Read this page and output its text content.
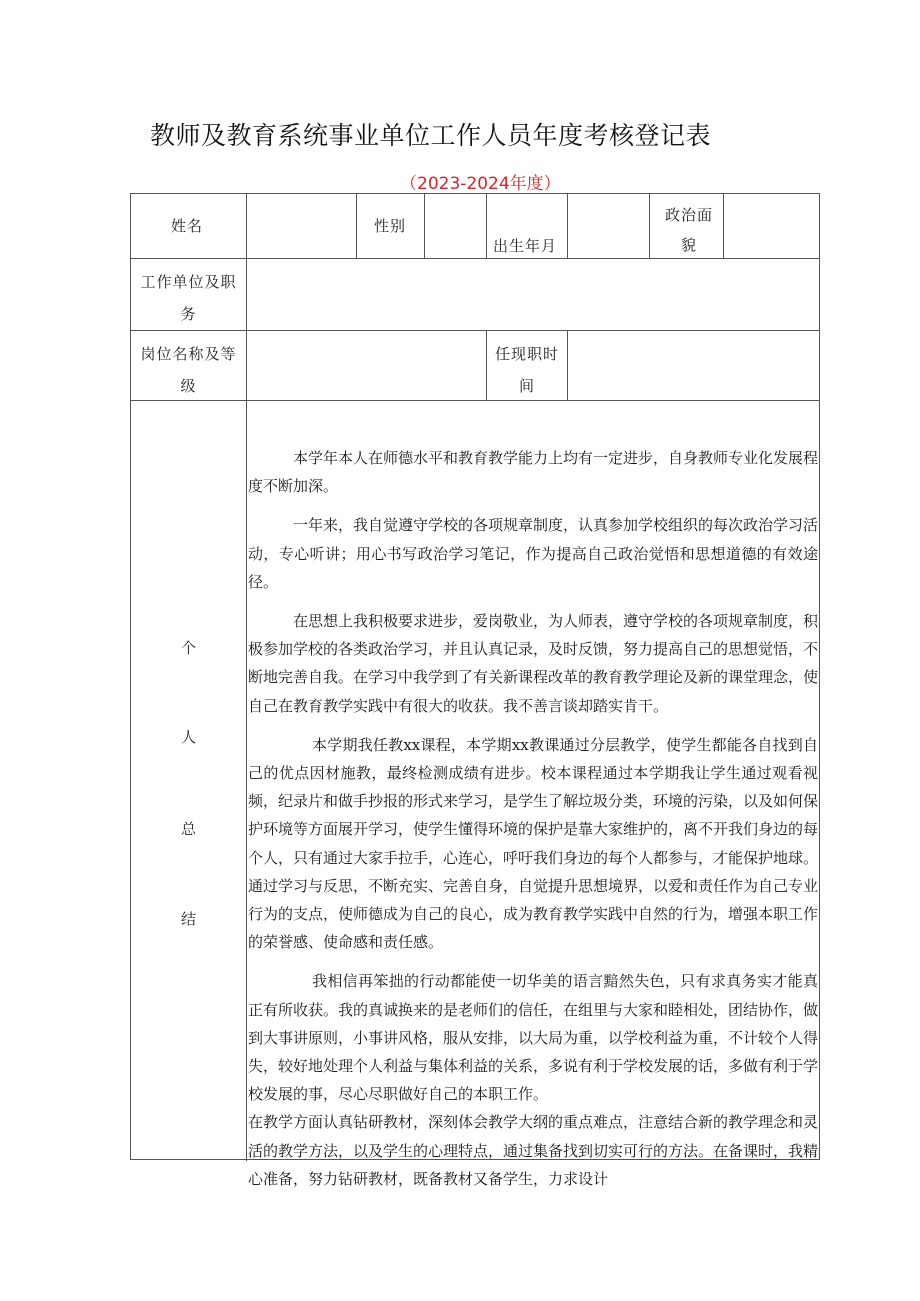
教师及教育系统事业单位工作人员年度考核登记表
（2023-2024年度）
姓名	性别
出生年月
政治面
貌
工作单位及职
务
岗位名称及等
级
任现职时
间
个
人
总
结

本学年本人在师德水平和教育教学能力上均有一定进步，自身教师专业化发展程度不断加深。

一年来，我自觉遵守学校的各项规章制度，认真参加学校组织的每次政治学习活动，专心听讲；用心书写政治学习笔记，作为提高自己政治觉悟和思想道德的有效途径。

在思想上我积极要求进步，爱岗敬业，为人师表，遵守学校的各项规章制度，积极参加学校的各类政治学习，并且认真记录，及时反馈，努力提高自己的思想觉悟，不断地完善自我。在学习中我学到了有关新课程改革的教育教学理论及新的课堂理念，使自己在教育教学实践中有很大的收获。我不善言谈却踏实肯干。

本学期我任教xx课程，本学期xx教课通过分层教学，使学生都能各自找到自己的优点因材施教，最终检测成绩有进步。校本课程通过本学期我让学生通过观看视频，纪录片和做手抄报的形式来学习，是学生了解垃圾分类，环境的污染，以及如何保护环境等方面展开学习，使学生懂得环境的保护是靠大家维护的，离不开我们身边的每个人，只有通过大家手拉手，心连心，呼吁我们身边的每个人都参与，才能保护地球。通过学习与反思，不断充实、完善自身，自觉提升思想境界，以爱和责任作为自己专业行为的支点，使师德成为自己的良心，成为教育教学实践中自然的行为，增强本职工作的荣誉感、使命感和责任感。

我相信再笨拙的行动都能使一切华美的语言黯然失色，只有求真务实才能真正有所收获。我的真诚换来的是老师们的信任，在组里与大家和睦相处，团结协作，做到大事讲原则，小事讲风格，服从安排，以大局为重，以学校利益为重，不计较个人得失，较好地处理个人利益与集体利益的关系，多说有利于学校发展的话，多做有利于学校发展的事，尽心尽职做好自己的本职工作。

在教学方面认真钻研教材，深刻体会教学大纲的重点难点，注意结合新的教学理念和灵活的教学方法，以及学生的心理特点，通过集备找到切实可行的方法。在备课时，我精心准备，努力钻研教材，既备教材又备学生，力求设计
